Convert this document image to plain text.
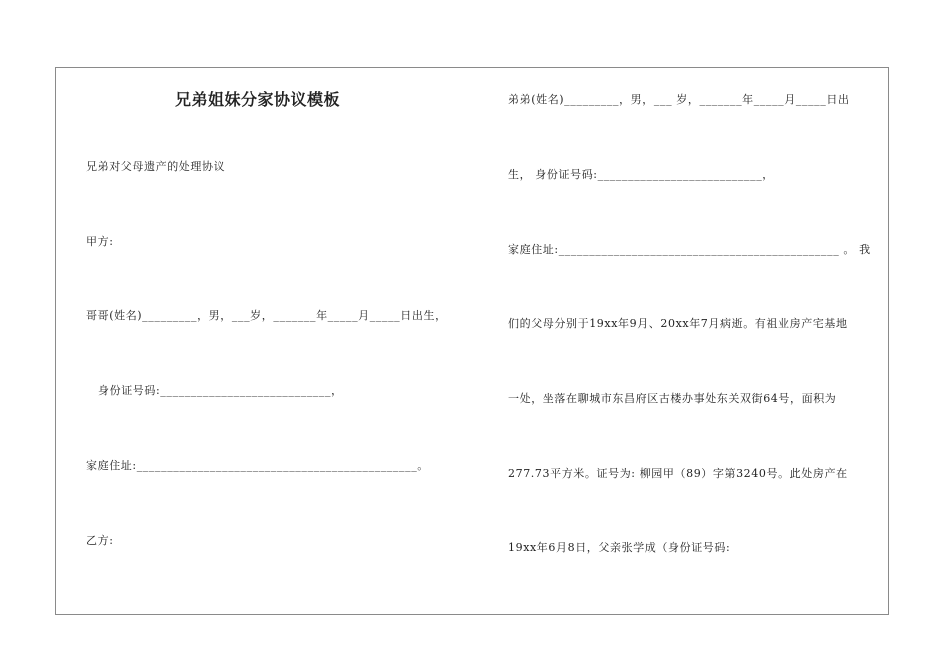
兄弟姐妹分家协议模板
兄弟对父母遗产的处理协议
甲方:
哥哥(姓名)_________，男，___岁，_______年_____月_____日出生，
身份证号码:____________________________，
家庭住址:______________________________________________。
乙方:
弟弟(姓名)_________，男，___ 岁，_______年_____月_____日出
生， 身份证号码:___________________________，
家庭住址:______________________________________________ 。 我
们的父母分别于19xx年9月、20xx年7月病逝。有祖业房产宅基地
一处，坐落在聊城市东昌府区古楼办事处东关双街64号，面积为
277.73平方米。证号为: 柳园甲（89）字第3240号。此处房产在
19xx年6月8日，父亲张学成（身份证号码:
